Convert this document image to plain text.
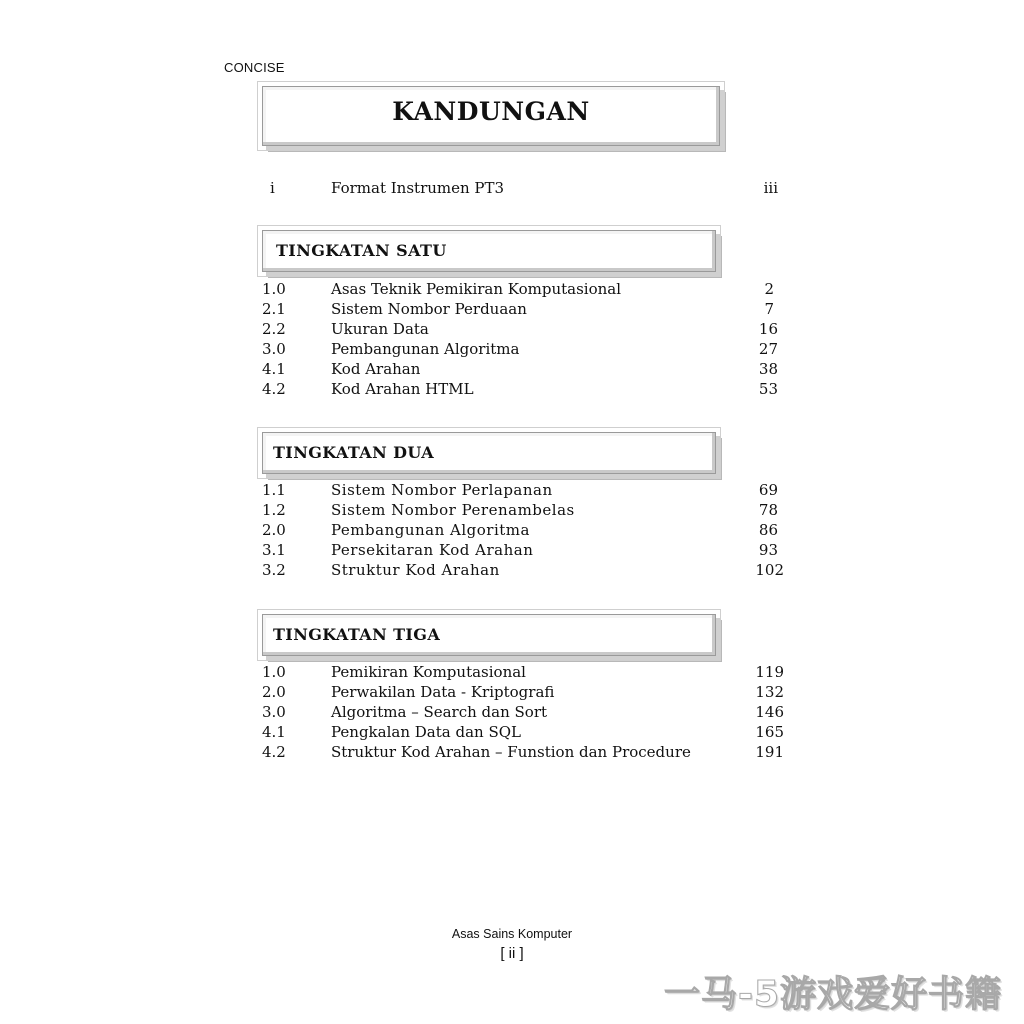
CONCISE
KANDUNGAN
i	Format Instrumen PT3	iii
TINGKATAN SATU
1.0	Asas Teknik Pemikiran Komputasional	2
2.1	Sistem Nombor Perduaan	7
2.2	Ukuran Data	16
3.0	Pembangunan Algoritma	27
4.1	Kod Arahan	38
4.2	Kod Arahan HTML	53
TINGKATAN DUA
1.1	Sistem Nombor Perlapanan	69
1.2	Sistem Nombor Perenambelas	78
2.0	Pembangunan Algoritma	86
3.1	Persekitaran Kod Arahan	93
3.2	Struktur Kod Arahan	102
TINGKATAN TIGA
1.0	Pemikiran Komputasional	119
2.0	Perwakilan Data - Kriptografi	132
3.0	Algoritma – Search dan Sort	146
4.1	Pengkalan Data dan SQL	165
4.2	Struktur Kod Arahan – Funstion dan Procedure	191
Asas Sains Komputer
[ ii ]
一马-5游戏爱好书籍
